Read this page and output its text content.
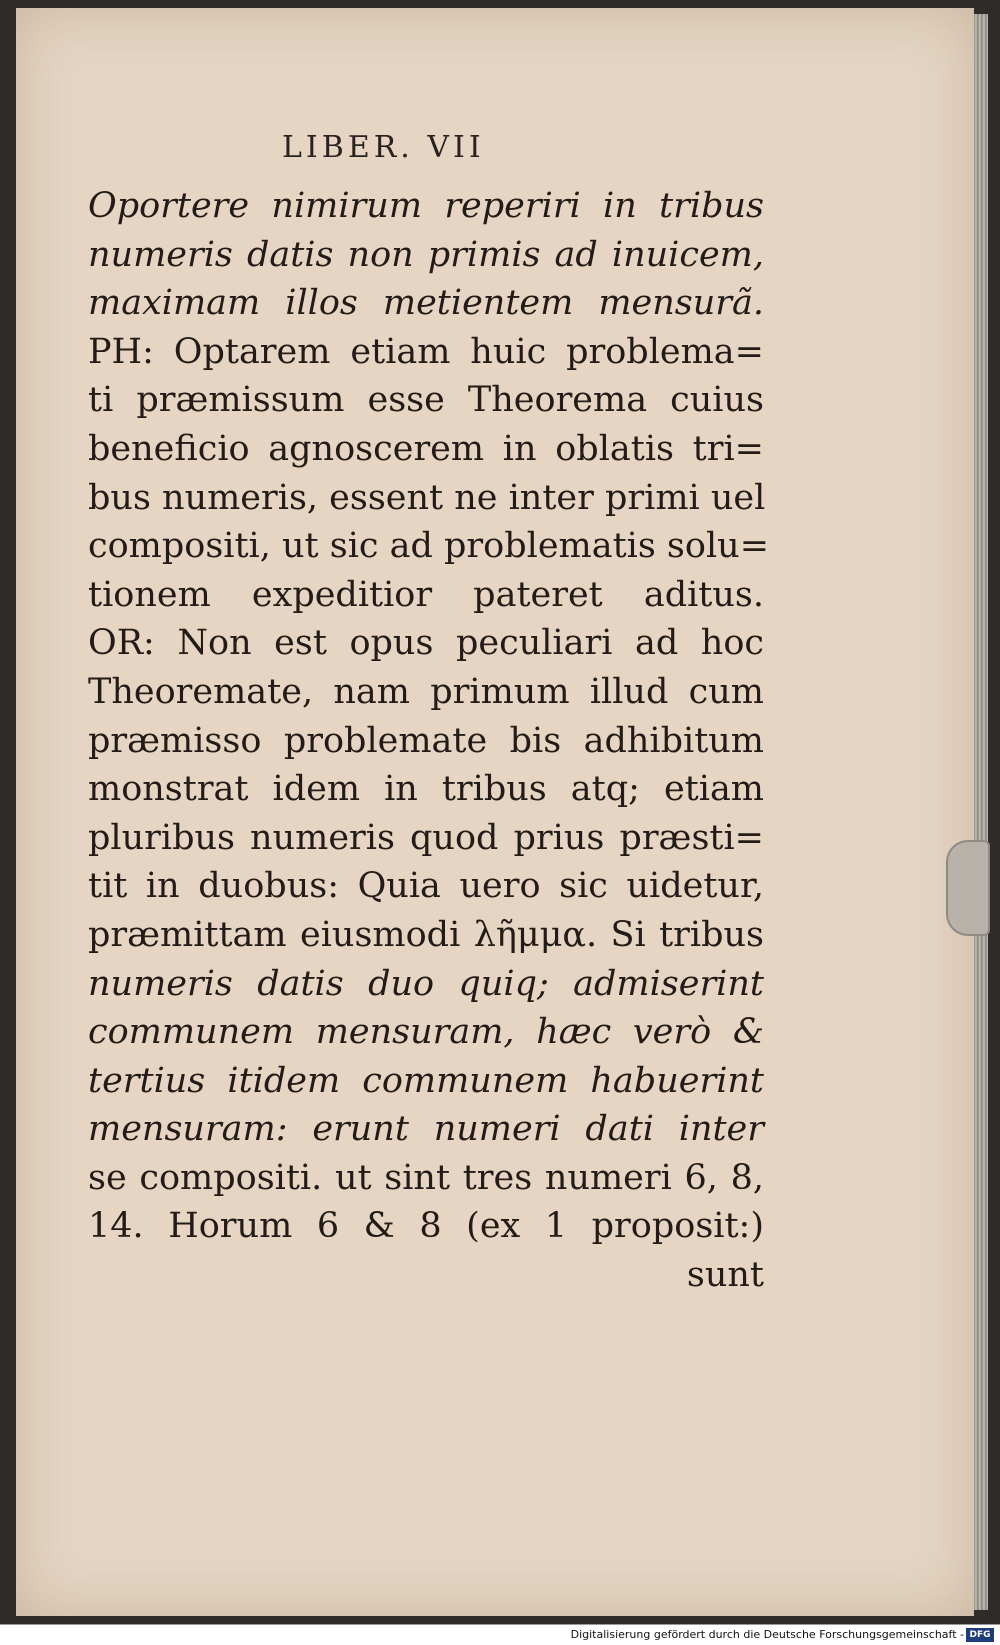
LIBER. VII
Oportere nimirum reperiri in tribus
numeris datis non primis ad inuicem,
maximam illos metientem mensurã.
PH: Optarem etiam huic problema=
ti præmissum esse Theorema cuius
beneficio agnoscerem in oblatis tri=
bus numeris, essent ne inter primi uel
compositi, ut sic ad problematis solu=
tionem expeditior pateret aditus.
OR: Non est opus peculiari ad hoc
Theoremate, nam primum illud cum
præmisso problemate bis adhibitum
monstrat idem in tribus atq; etiam
pluribus numeris quod prius præsti=
tit in duobus: Quia uero sic uidetur,
præmittam eiusmodi λῆμμα. Si tribus
numeris datis duo quiq; admiserint
communem mensuram, hæc verò &
tertius itidem communem habuerint
mensuram: erunt numeri dati inter
se compositi. ut sint tres numeri 6, 8,
14. Horum 6 & 8 (ex 1 proposit:)
sunt
Digitalisierung gefördert durch die Deutsche Forschungsgemeinschaft - DFG
